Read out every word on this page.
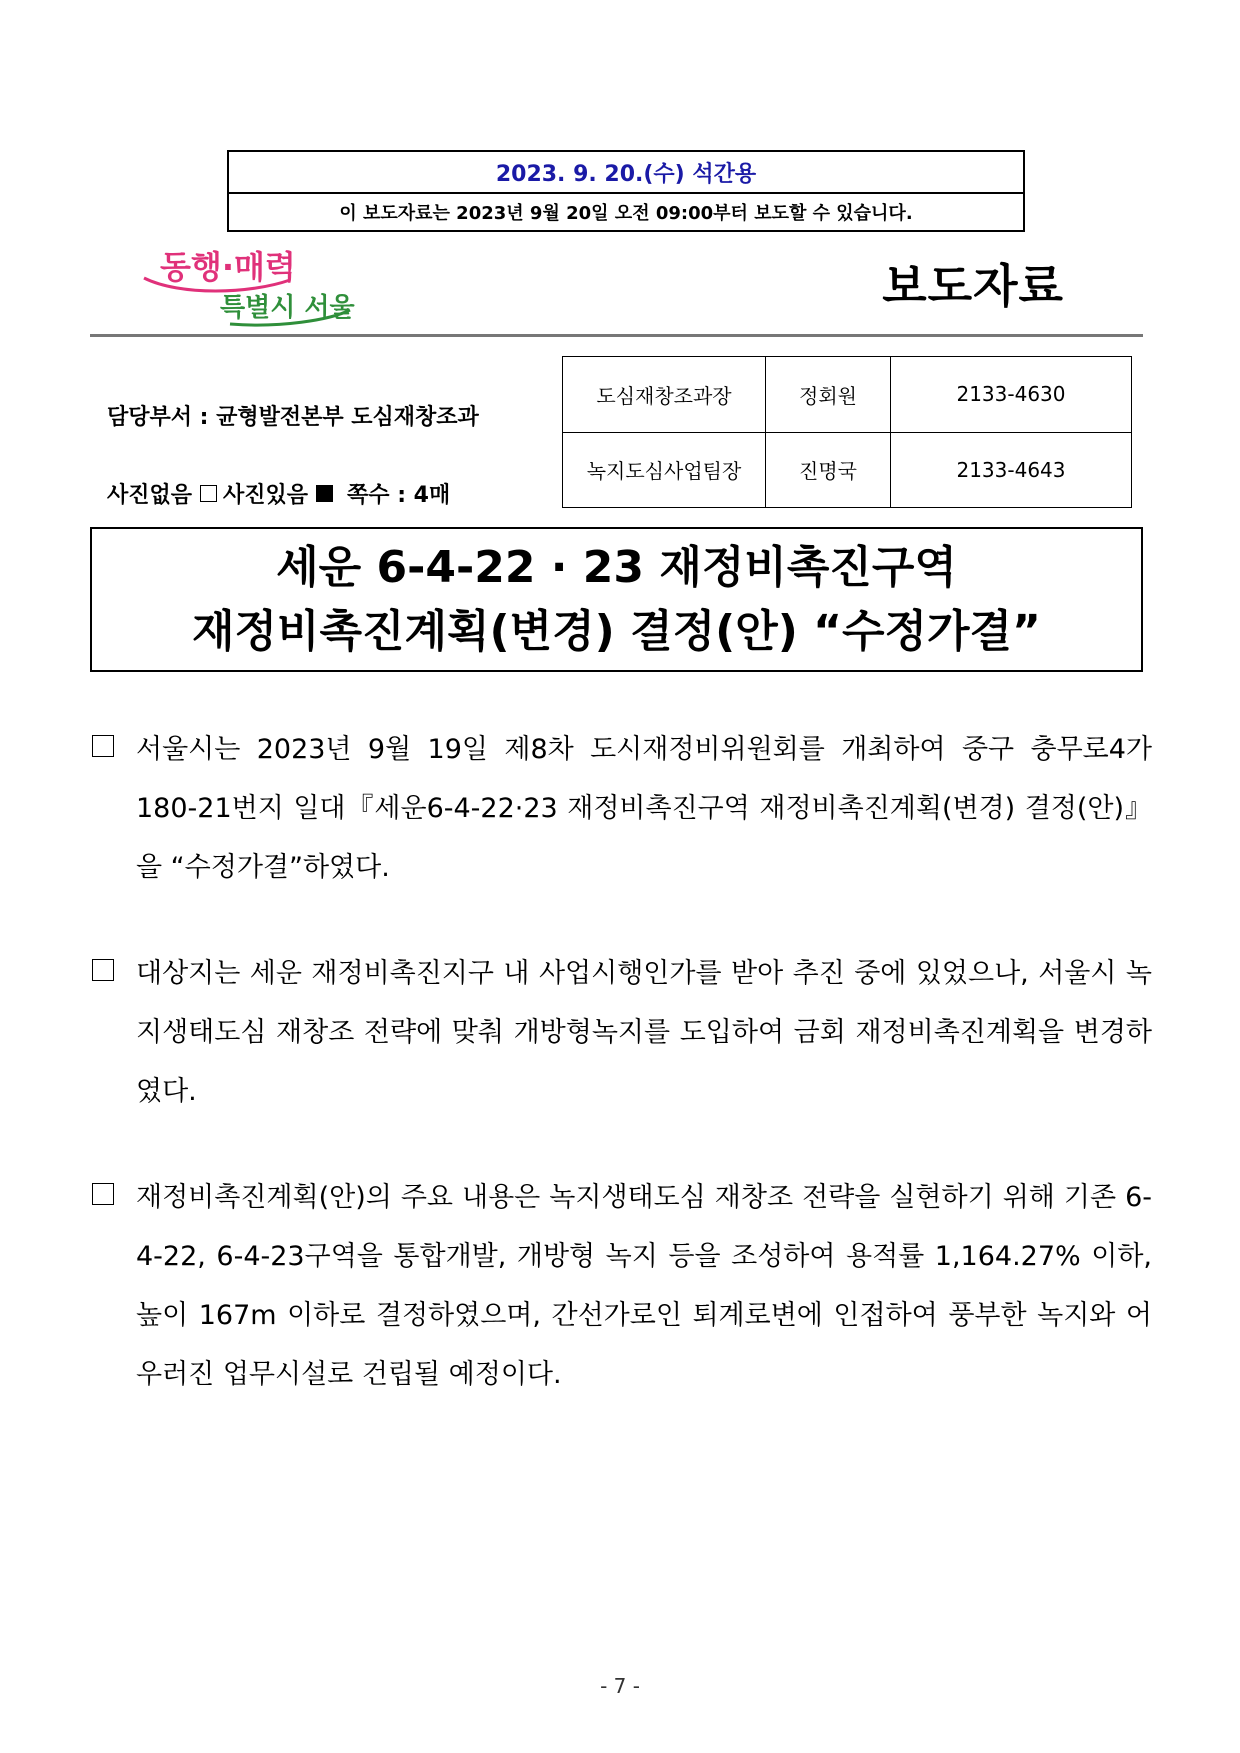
2023. 9. 20.(수) 석간용
이 보도자료는 2023년 9월 20일 오전 09:00부터 보도할 수 있습니다.
동행·매력
특별시 서울	보도자료
담당부서 : 균형발전본부 도심재창조과
사진없음 사진있음 쪽수 : 4매
도심재창조과장	정회원	2133-4630
녹지도심사업팀장	진명국	2133-4643
세운 6-4-22 · 23 재정비촉진구역
재정비촉진계획(변경) 결정(안) “수정가결”
서울시는 2023년 9월 19일 제8차 도시재정비위원회를 개최하여 중구 충무로4가 180-21번지 일대『세운6-4-22·23 재정비촉진구역 재정비촉진계획(변경) 결정(안)』을 “수정가결”하였다.
대상지는 세운 재정비촉진지구 내 사업시행인가를 받아 추진 중에 있었으나, 서울시 녹지생태도심 재창조 전략에 맞춰 개방형녹지를 도입하여 금회 재정비촉진계획을 변경하였다.
재정비촉진계획(안)의 주요 내용은 녹지생태도심 재창조 전략을 실현하기 위해 기존 6-4-22, 6-4-23구역을 통합개발, 개방형 녹지 등을 조성하여 용적률 1,164.27% 이하, 높이 167m 이하로 결정하였으며, 간선가로인 퇴계로변에 인접하여 풍부한 녹지와 어우러진 업무시설로 건립될 예정이다.
- 7 -
